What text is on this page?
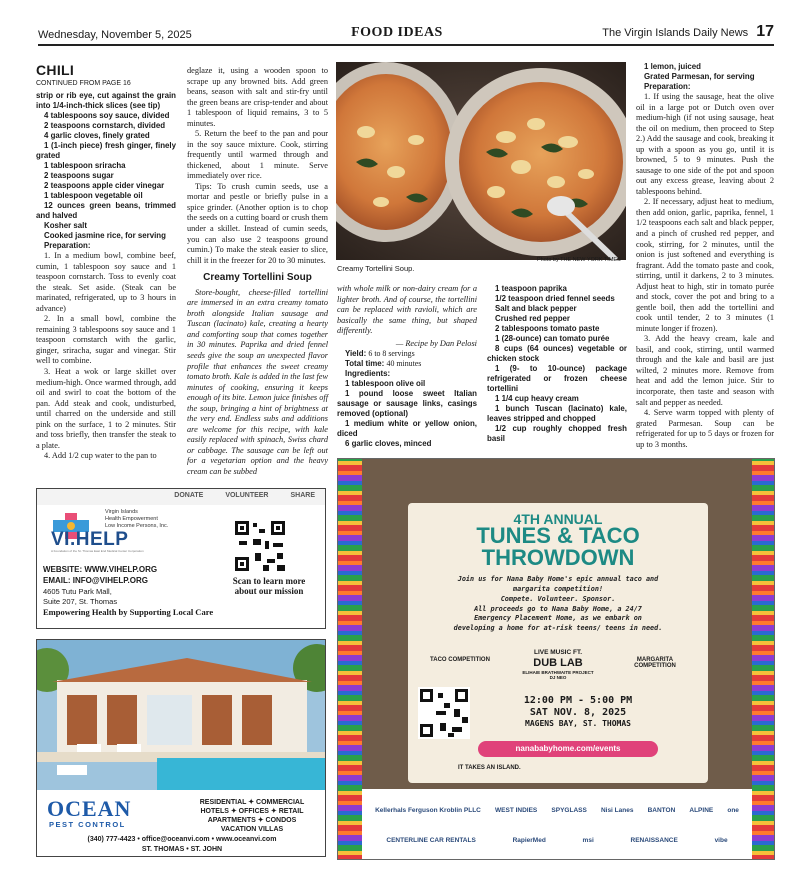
Wednesday, November 5, 2025	FOOD IDEAS	The Virgin Islands Daily News 17
CHILI
CONTINUED FROM PAGE 16

strip or rib eye, cut against the grain into 1/4-inch-thick slices (see tip)

4 tablespoons soy sauce, divided

2 teaspoons cornstarch, divided

4 garlic cloves, finely grated

1 (1-inch piece) fresh ginger, finely grated

1 tablespoon sriracha

2 teaspoons sugar

2 teaspoons apple cider vinegar

1 tablespoon vegetable oil

12 ounces green beans, trimmed and halved

Kosher salt

Cooked jasmine rice, for serving

Preparation:

1. In a medium bowl, combine beef, cumin, 1 tablespoon soy sauce and 1 teaspoon cornstarch. Toss to evenly coat the steak. Set aside. (Steak can be marinated, refrigerated, up to 3 hours in advance)

2. In a small bowl, combine the remaining 3 tablespoons soy sauce and 1 teaspoon cornstarch with the garlic, ginger, sriracha, sugar and vinegar. Stir well to combine.

3. Heat a wok or large skillet over medium-high. Once warmed through, add oil and swirl to coat the bottom of the pan. Add steak and cook, undisturbed, until charred on the underside and still pink on the surface, 1 to 2 minutes. Stir and toss briefly, then transfer the steak to a plate.

4. Add 1/2 cup water to the pan to

deglaze it, using a wooden spoon to scrape up any browned bits. Add green beans, season with salt and stir-fry until the green beans are crisp-tender and about 1 tablespoon of liquid remains, 3 to 5 minutes.

5. Return the beef to the pan and pour in the soy sauce mixture. Cook, stirring frequently until warmed through and thickened, about 1 minute. Serve immediately over rice.

Tips: To crush cumin seeds, use a mortar and pestle or briefly pulse in a spice grinder. (Another option is to chop the seeds on a cutting board or crush them under a skillet. Instead of cumin seeds, you can also use 2 teaspoons ground cumin.) To make the steak easier to slice, chill it in the freezer for 20 to 30 minutes.

Creamy Tortellini Soup

Store-bought, cheese-filled tortellini are immersed in an extra creamy tomato broth alongside Italian sausage and Tuscan (lacinato) kale, creating a hearty and comforting soup that comes together in 30 minutes. Paprika and dried fennel seeds give the soup an unexpected flavor profile that enhances the sweet creamy tomato broth. Kale is added in the last few minutes of cooking, ensuring it keeps enough of its bite. Lemon juice finishes off the soup, bringing a hint of brightness at the very end. Endless subs and additions are welcome for this recipe, with kale easily replaced with spinach, Swiss chard or cabbage. The sausage can be left out for a vegetarian option and the heavy cream can be subbed

Creamy Tortellini Soup.
Photo by THE NEW YORK TIMES

with whole milk or non-dairy cream for a lighter broth. And of course, the tortellini can be replaced with ravioli, which are basically the same thing, but shaped differently.

— Recipe by Dan Pelosi

Yield: 6 to 8 servings

Total time: 40 minutes

Ingredients:

1 tablespoon olive oil

1 pound loose sweet Italian sausage or sausage links, casings removed (optional)

1 medium white or yellow onion, diced

6 garlic cloves, minced

1 teaspoon paprika

1/2 teaspoon dried fennel seeds

Salt and black pepper

Crushed red pepper

2 tablespoons tomato paste

1 (28-ounce) can tomato purée

8 cups (64 ounces) vegetable or chicken stock

1 (9- to 10-ounce) package refrigerated or frozen cheese tortellini

1 1/4 cup heavy cream

1 bunch Tuscan (lacinato) kale, leaves stripped and chopped

1/2 cup roughly chopped fresh basil

1 lemon, juiced

Grated Parmesan, for serving

Preparation:

1. If using the sausage, heat the olive oil in a large pot or Dutch oven over medium-high (if not using sausage, heat the oil on medium, then proceed to Step 2.) Add the sausage and cook, breaking it up with a spoon as you go, until it is browned, 5 to 9 minutes. Push the sausage to one side of the pot and spoon out any excess grease, leaving about 2 tablespoons behind.

2. If necessary, adjust heat to medium, then add onion, garlic, paprika, fennel, 1 1/2 teaspoons each salt and black pepper, and a pinch of crushed red pepper, and cook, stirring, for 2 minutes, until the onion is just softened and everything is fragrant. Add the tomato paste and cook, stirring, until it darkens, 2 to 3 minutes. Adjust heat to high, stir in tomato purée and stock, cover the pot and bring to a gentle boil, then add the tortellini and cook until tender, 2 to 3 minutes (1 minute longer if frozen).

3. Add the heavy cream, kale and basil, and cook, stirring, until warmed through and the kale and basil are just wilted, 2 minutes more. Remove from heat and add the lemon juice. Stir to incorporate, then taste and season with salt and pepper as needed.

4. Serve warm topped with plenty of grated Parmesan. Soup can be refrigerated for up to 5 days or frozen for up to 3 months.

DONATE	VOLUNTEER	SHARE
Virgin Islands
Health Empowerment
Low Income Persons, Inc.
VI.HELP
A Foundation of the St. Thomas East End Medical Center Corporation
WEBSITE: WWW.VIHELP.ORG
EMAIL: INFO@VIHELP.ORG
4605 Tutu Park Mall,
Suite 207, St. Thomas
Scan to learn more about our mission
Empowering Health by Supporting Local Care
OCEAN
PEST CONTROL
RESIDENTIAL ✦ COMMERCIAL
HOTELS ✦ OFFICES ✦ RETAIL
APARTMENTS ✦ CONDOS
VACATION VILLAS
(340) 777-4423 • office@oceanvi.com • www.oceanvi.com
ST. THOMAS • ST. JOHN
4TH ANNUAL
TUNES & TACO
THROWDOWN
Join us for Nana Baby Home's epic annual taco and
margarita competition!
Compete. Volunteer. Sponsor.
All proceeds go to Nana Baby Home, a 24/7
Emergency Placement Home, as we embark on
developing a home for at-risk teens/ teens in need.
TACO COMPETITION
LIVE MUSIC FT.
DUB LAB
ELIHAIE BRATHWAITE PROJECT
DJ NEO
MARGARITA COMPETITION
12:00 PM - 5:00 PM
SAT NOV. 8, 2025
MAGENS BAY, ST. THOMAS
nanababyhome.com/events
IT TAKES AN ISLAND.
Kellerhals Ferguson Kroblin PLLC	WEST INDIES	SPYGLASS	Nisi Lanes	BANTON	ALPINE	one
CENTERLINE CAR RENTALS	RapierMed	msi	RENAISSANCE	vibe
